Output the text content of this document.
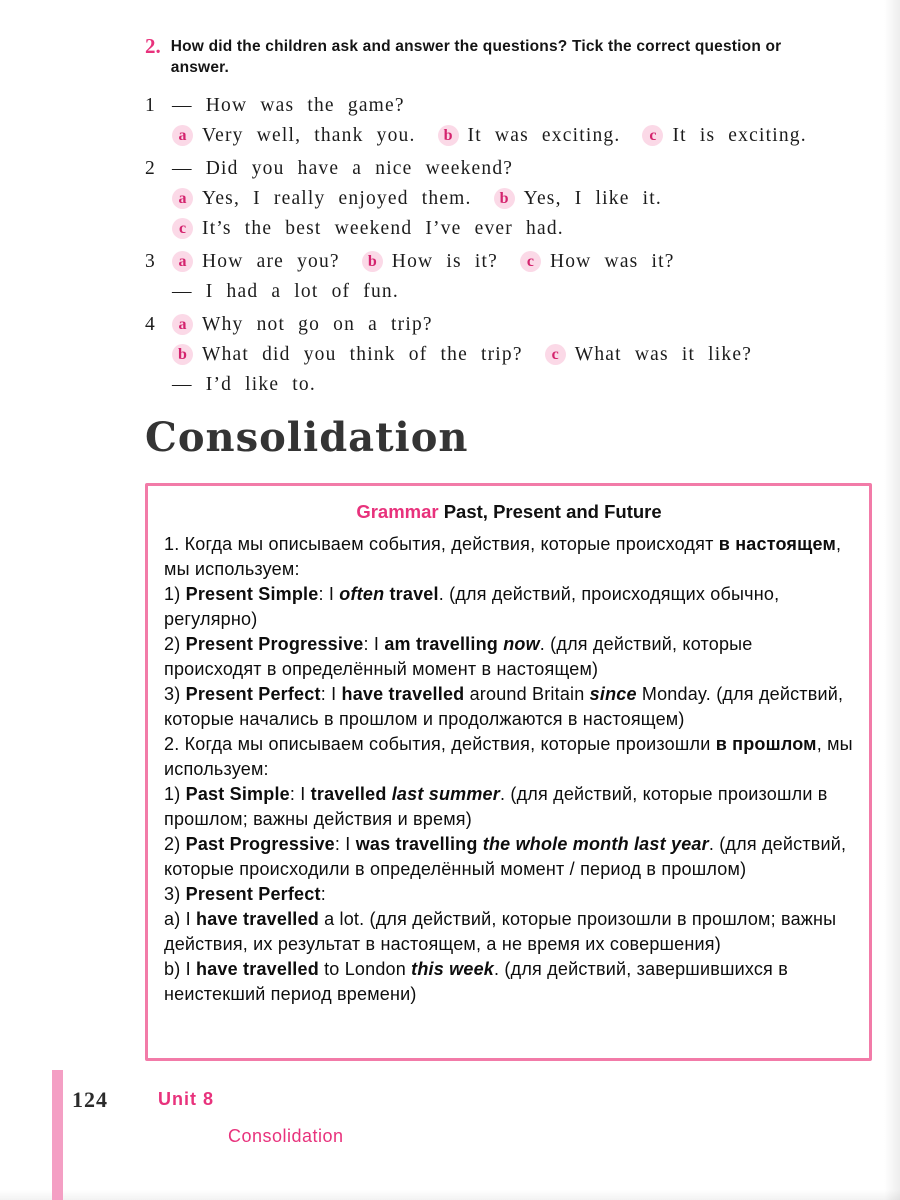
2. How did the children ask and answer the questions? Tick the correct question or answer.

1 — How was the game?
a Very well, thank you. b It was exciting. c It is exciting.
2 — Did you have a nice weekend?
a Yes, I really enjoyed them. b Yes, I like it.
c It’s the best weekend I’ve ever had.
3	a How are you? b How is it? c How was it?
— I had a lot of fun.
4	a Why not go on a trip?
b What did you think of the trip? c What was it like?
— I’d like to.
Consolidation
Grammar Past, Present and Future

1. Когда мы описываем события, действия, которые происходят в настоящем, мы используем:

1) Present Simple: I often travel. (для действий, происходящих обычно, регулярно)

2) Present Progressive: I am travelling now. (для действий, которые происходят в определённый момент в настоящем)

3) Present Perfect: I have travelled around Britain since Monday. (для действий, которые начались в прошлом и продолжаются в настоящем)

2. Когда мы описываем события, действия, которые произошли в прошлом, мы используем:

1) Past Simple: I travelled last summer. (для действий, которые произошли в прошлом; важны действия и время)

2) Past Progressive: I was travelling the whole month last year. (для действий, которые происходили в определённый момент / период в прошлом)

3) Present Perfect:

a) I have travelled a lot. (для действий, которые произошли в прошлом; важны действия, их результат в настоящем, а не время их совершения)

b) I have travelled to London this week. (для действий, завершившихся в неистекший период времени)

124	Unit 8
Consolidation
